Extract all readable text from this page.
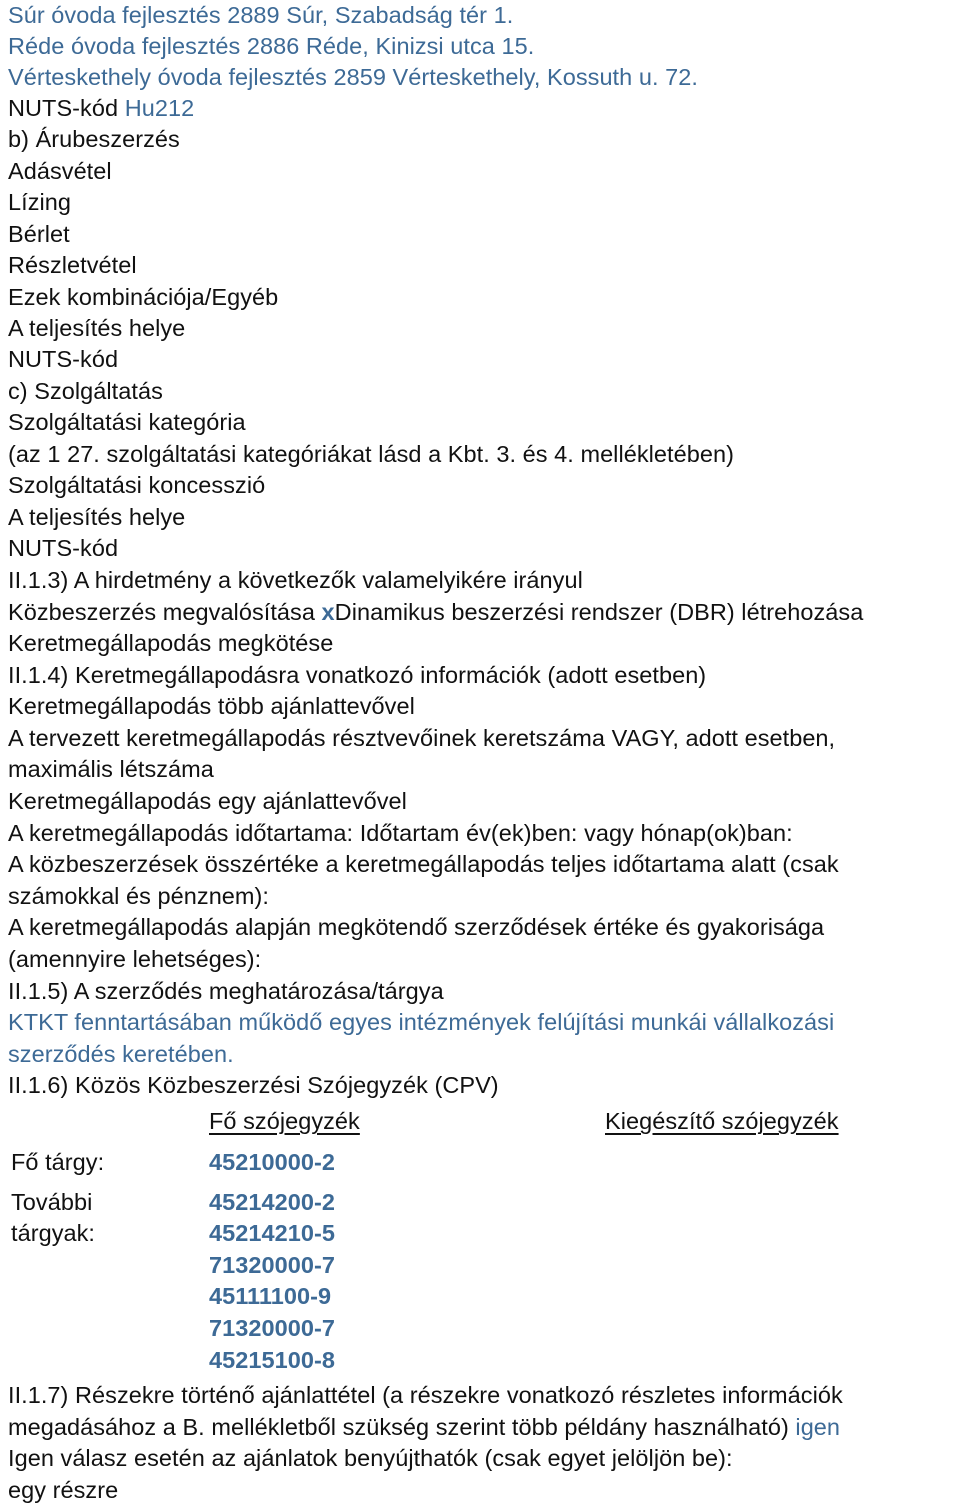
Súr óvoda fejlesztés 2889 Súr, Szabadság tér 1.
Réde óvoda fejlesztés 2886 Réde, Kinizsi utca 15.
Vérteskethely óvoda fejlesztés 2859 Vérteskethely, Kossuth u. 72.
NUTS-kód Hu212
b) Árubeszerzés
Adásvétel
Lízing
Bérlet
Részletvétel
Ezek kombinációja/Egyéb
A teljesítés helye
NUTS-kód
c) Szolgáltatás
Szolgáltatási kategória
(az 1 27. szolgáltatási kategóriákat lásd a Kbt. 3. és 4. mellékletében)
Szolgáltatási koncesszió
A teljesítés helye
NUTS-kód
II.1.3) A hirdetmény a következők valamelyikére irányul
Közbeszerzés megvalósítása xDinamikus beszerzési rendszer (DBR) létrehozása
Keretmegállapodás megkötése
II.1.4) Keretmegállapodásra vonatkozó információk (adott esetben)
Keretmegállapodás több ajánlattevővel
A tervezett keretmegállapodás résztvevőinek keretszáma VAGY, adott esetben,
maximális létszáma
Keretmegállapodás egy ajánlattevővel
A keretmegállapodás időtartama: Időtartam év(ek)ben: vagy hónap(ok)ban:
A közbeszerzések összértéke a keretmegállapodás teljes időtartama alatt (csak
számokkal és pénznem):
A keretmegállapodás alapján megkötendő szerződések értéke és gyakorisága
(amennyire lehetséges):
II.1.5) A szerződés meghatározása/tárgya
KTKT fenntartásában működő egyes intézmények felújítási munkái vállalkozási
szerződés keretében.
II.1.6) Közös Közbeszerzési Szójegyzék (CPV)
Fő szójegyzék	Kiegészítő szójegyzék
Fő tárgy:	45210000-2
További
tárgyak:
45214200-2
45214210-5
71320000-7
45111100-9
71320000-7
45215100-8
II.1.7) Részekre történő ajánlattétel (a részekre vonatkozó részletes információk
megadásához a B. mellékletből szükség szerint több példány használható) igen
Igen válasz esetén az ajánlatok benyújthatók (csak egyet jelöljön be):
egy részre
